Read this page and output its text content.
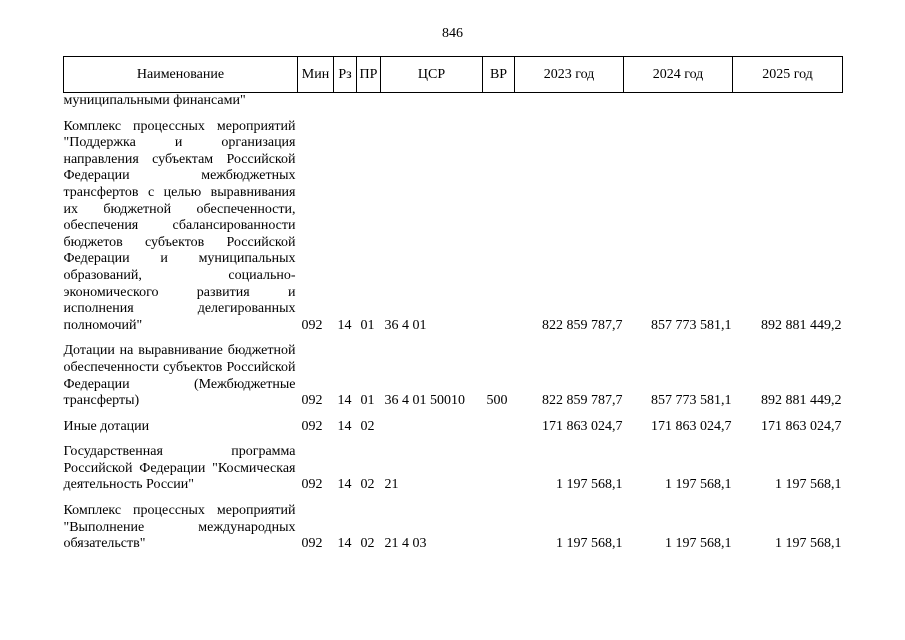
846
Наименование	Мин	Рз	ПР	ЦСР	ВР	2023 год	2024 год	2025 год
муниципальными финансами"								

Комплекс процессных мероприятий "Поддержка и организация направления субъектам Российской Федерации межбюджетных трансфертов с целью выравнивания их бюджетной обеспеченности, обеспечения сбалансированности бюджетов субъектов Российской Федерации и муниципальных образований, социально-экономического развития и исполнения делегированных полномочий"	092	14	01	36 4 01		822 859 787,7	857 773 581,1	892 881 449,2

Дотации на выравнивание бюджетной обеспеченности субъектов Российской Федерации (Межбюджетные трансферты)	092	14	01	36 4 01 50010	500	822 859 787,7	857 773 581,1	892 881 449,2

Иные дотации	092	14	02			171 863 024,7	171 863 024,7	171 863 024,7

Государственная программа Российской Федерации "Космическая деятельность России"	092	14	02	21		1 197 568,1	1 197 568,1	1 197 568,1

Комплекс процессных мероприятий "Выполнение международных обязательств"	092	14	02	21 4 03		1 197 568,1	1 197 568,1	1 197 568,1
